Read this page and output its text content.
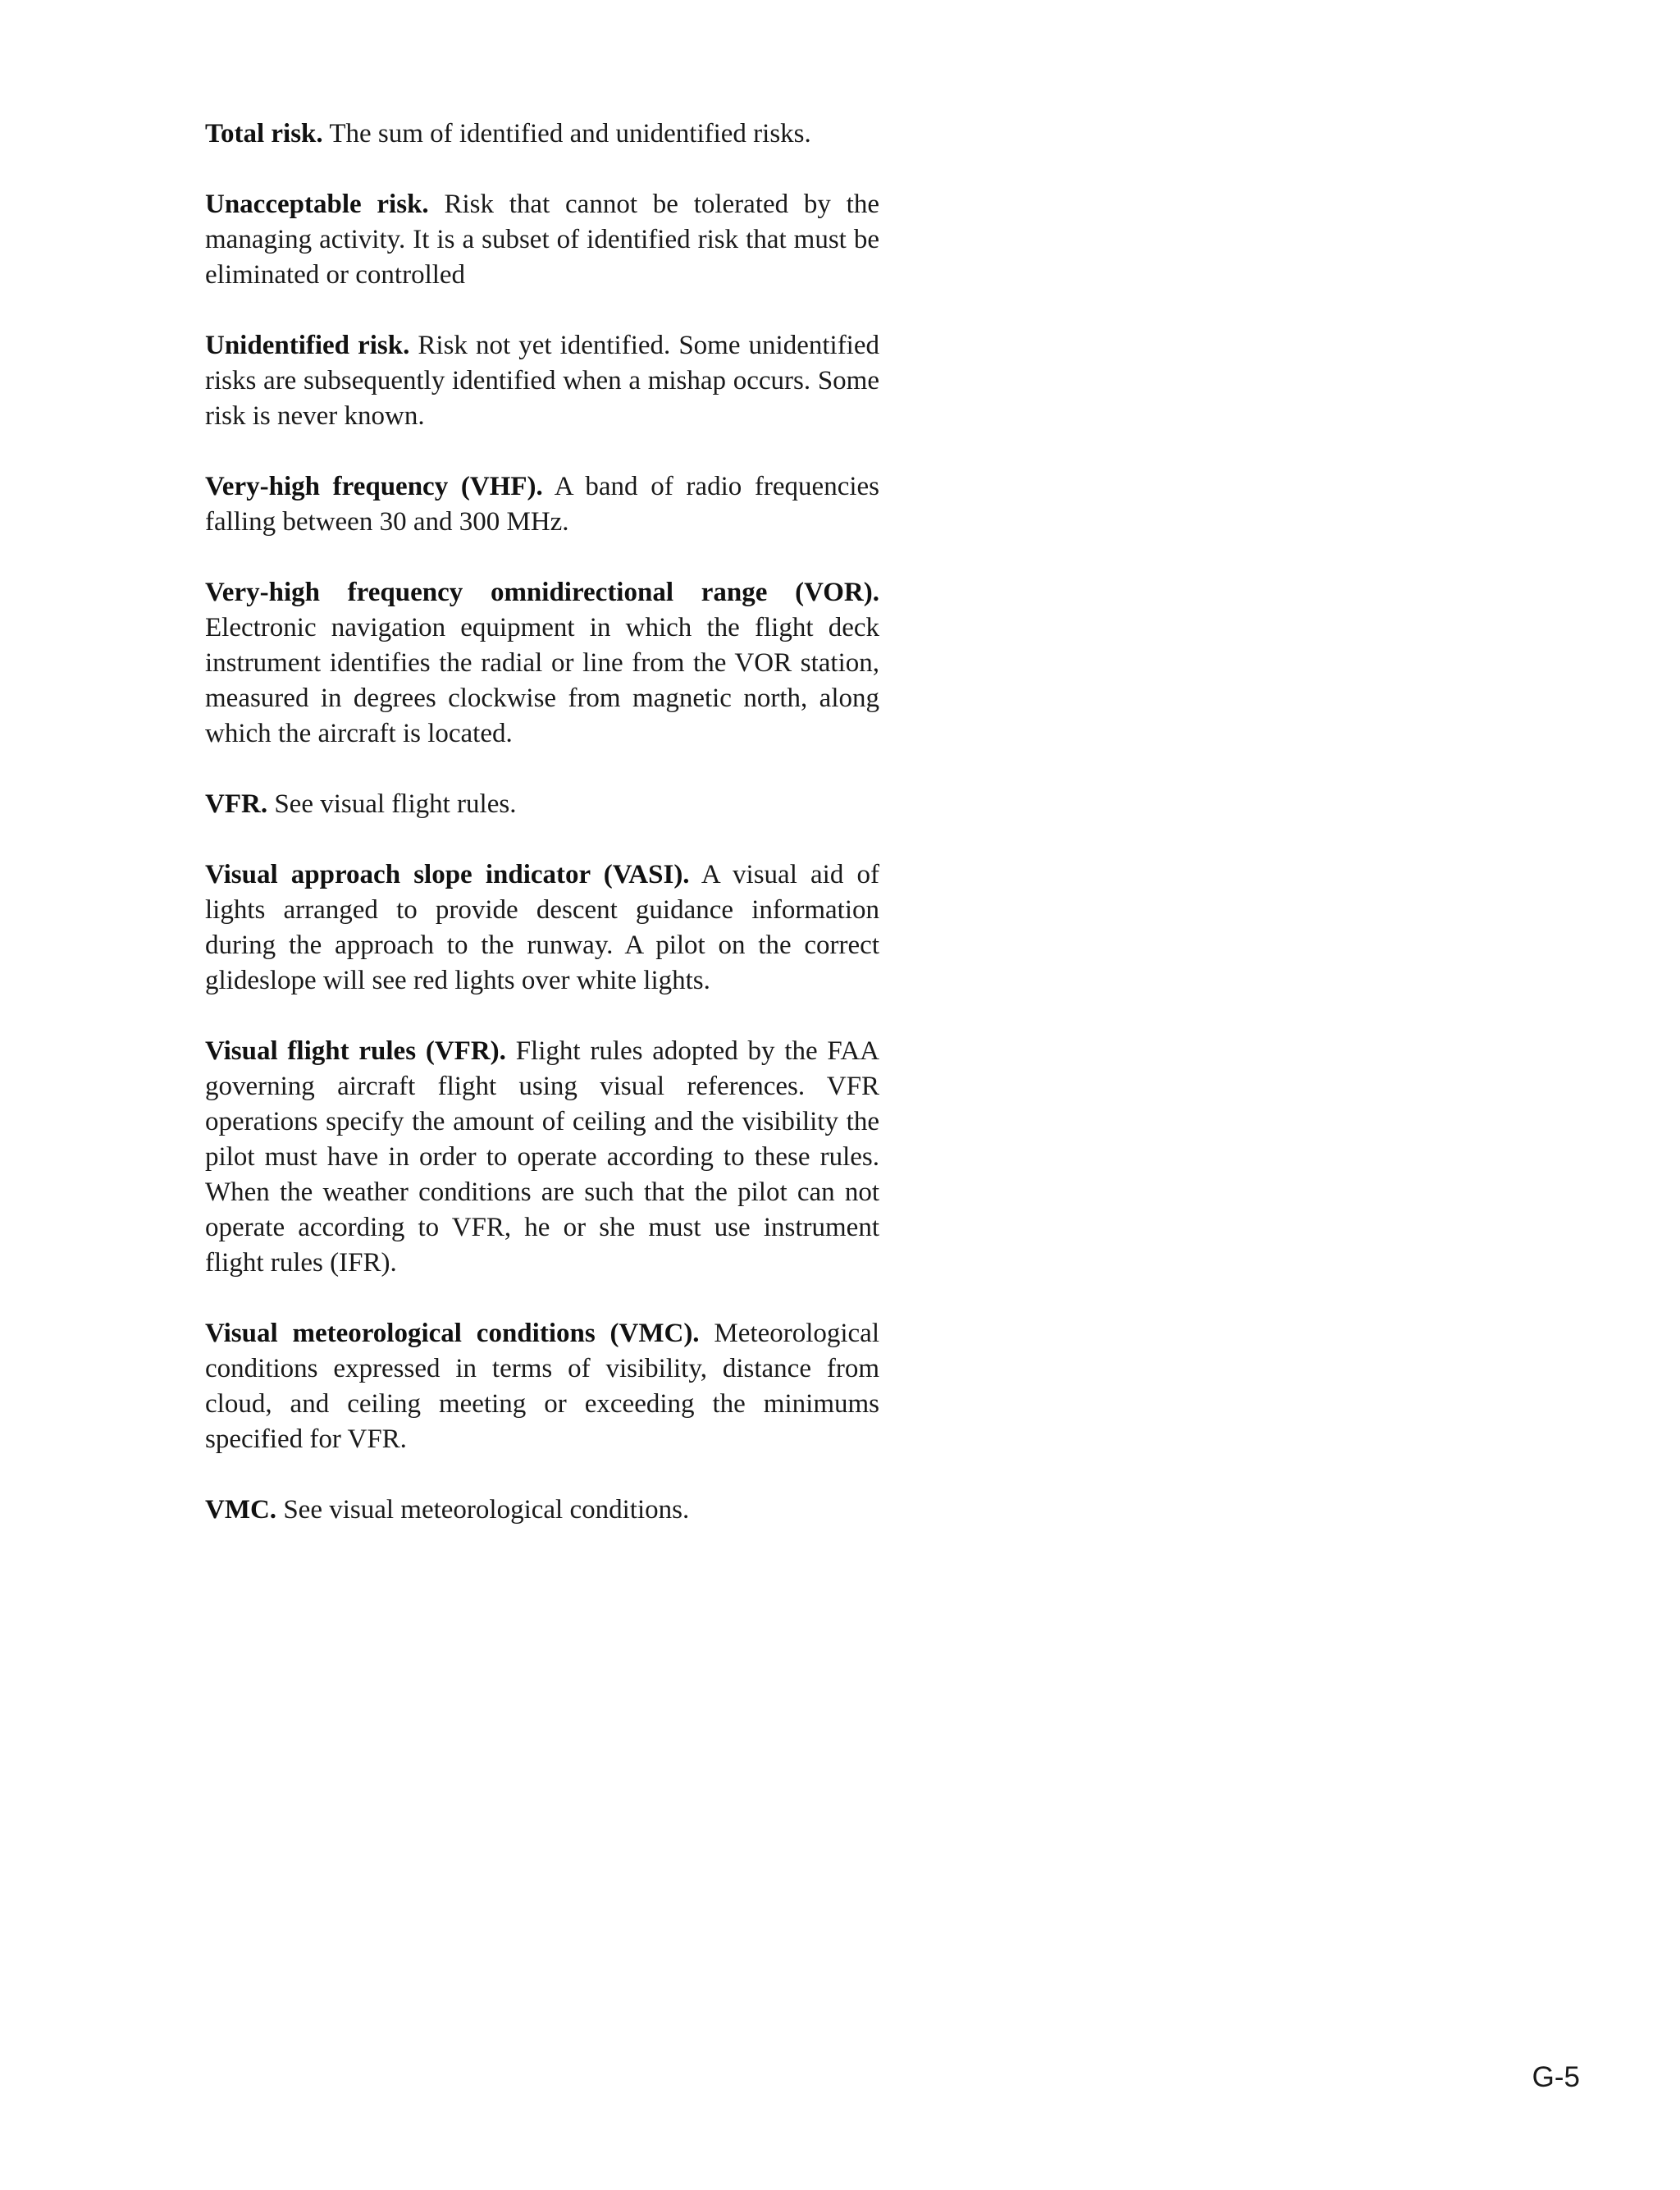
Total risk. The sum of identified and unidentified risks.

Unacceptable risk. Risk that cannot be tolerated by the managing activity. It is a subset of identified risk that must be eliminated or controlled

Unidentified risk. Risk not yet identified. Some unidentified risks are subsequently identified when a mishap occurs. Some risk is never known.

Very-high frequency (VHF). A band of radio frequencies falling between 30 and 300 MHz.

Very-high frequency omnidirectional range (VOR). Electronic navigation equipment in which the flight deck instrument identifies the radial or line from the VOR station, measured in degrees clockwise from magnetic north, along which the aircraft is located.

VFR. See visual flight rules.

Visual approach slope indicator (VASI). A visual aid of lights arranged to provide descent guidance information during the approach to the runway. A pilot on the correct glideslope will see red lights over white lights.

Visual flight rules (VFR). Flight rules adopted by the FAA governing aircraft flight using visual references. VFR operations specify the amount of ceiling and the visibility the pilot must have in order to operate according to these rules. When the weather conditions are such that the pilot can not operate according to VFR, he or she must use instrument flight rules (IFR).

Visual meteorological conditions (VMC). Meteorological conditions expressed in terms of visibility, distance from cloud, and ceiling meeting or exceeding the minimums specified for VFR.

VMC. See visual meteorological conditions.

G-5
